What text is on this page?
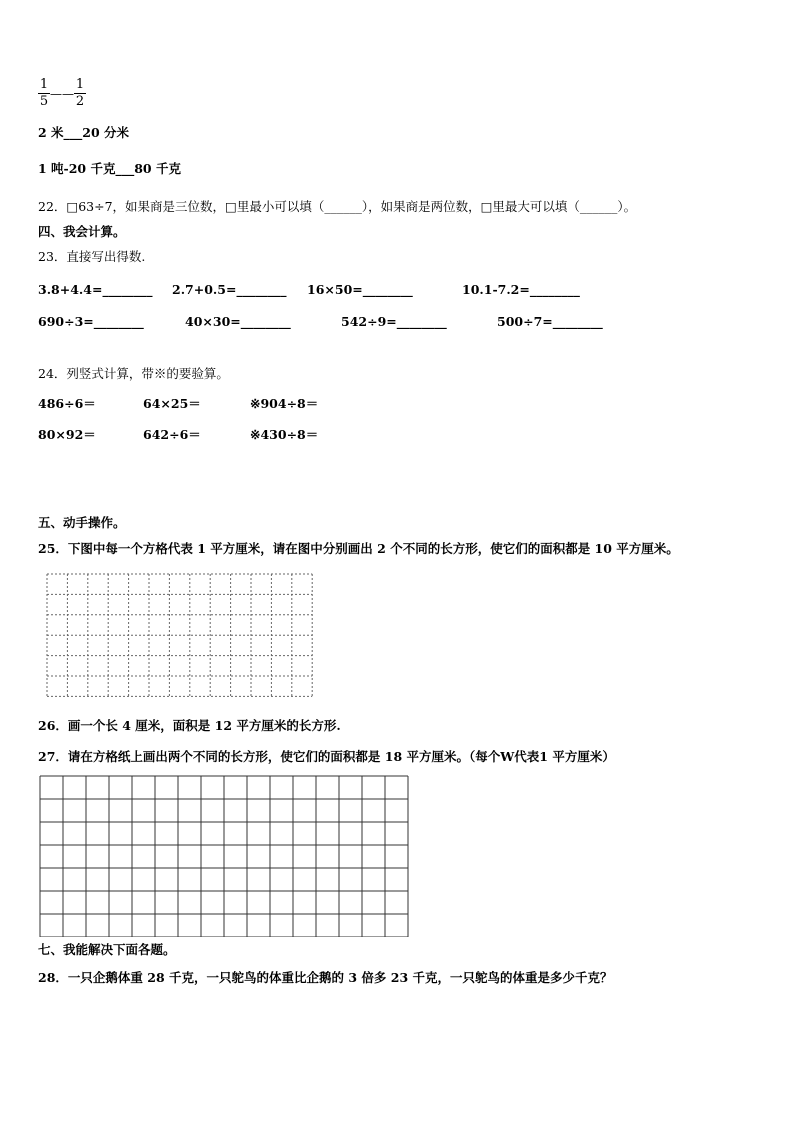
$\frac{1}{5}$ —— $\frac{1}{2}$
2 米___20 分米
1 吨-20 千克___80 千克
22．□63÷7，如果商是三位数，□里最小可以填（______），如果商是两位数，□里最大可以填（______）。
四、我会计算。
23．直接写出得数.
3.8+4.4=________ 2.7+0.5=________ 16×50=________	10.1-7.2=________
690÷3=________	40×30=________	542÷9=________	500÷7=________
24．列竖式计算，带※的要验算。
486÷6＝	64×25＝	※904÷8＝
80×92＝	642÷6＝	※430÷8＝
五、动手操作。
25．下图中每一个方格代表 1 平方厘米，请在图中分别画出 2 个不同的长方形，使它们的面积都是 10 平方厘米。
26．画一个长 4 厘米，面积是 12 平方厘米的长方形.
27．请在方格纸上画出两个不同的长方形，使它们的面积都是 18 平方厘米。（每个W代表1 平方厘米）
七、我能解决下面各题。
28．一只企鹅体重 28 千克，一只鸵鸟的体重比企鹅的 3 倍多 23 千克，一只鸵鸟的体重是多少千克？
